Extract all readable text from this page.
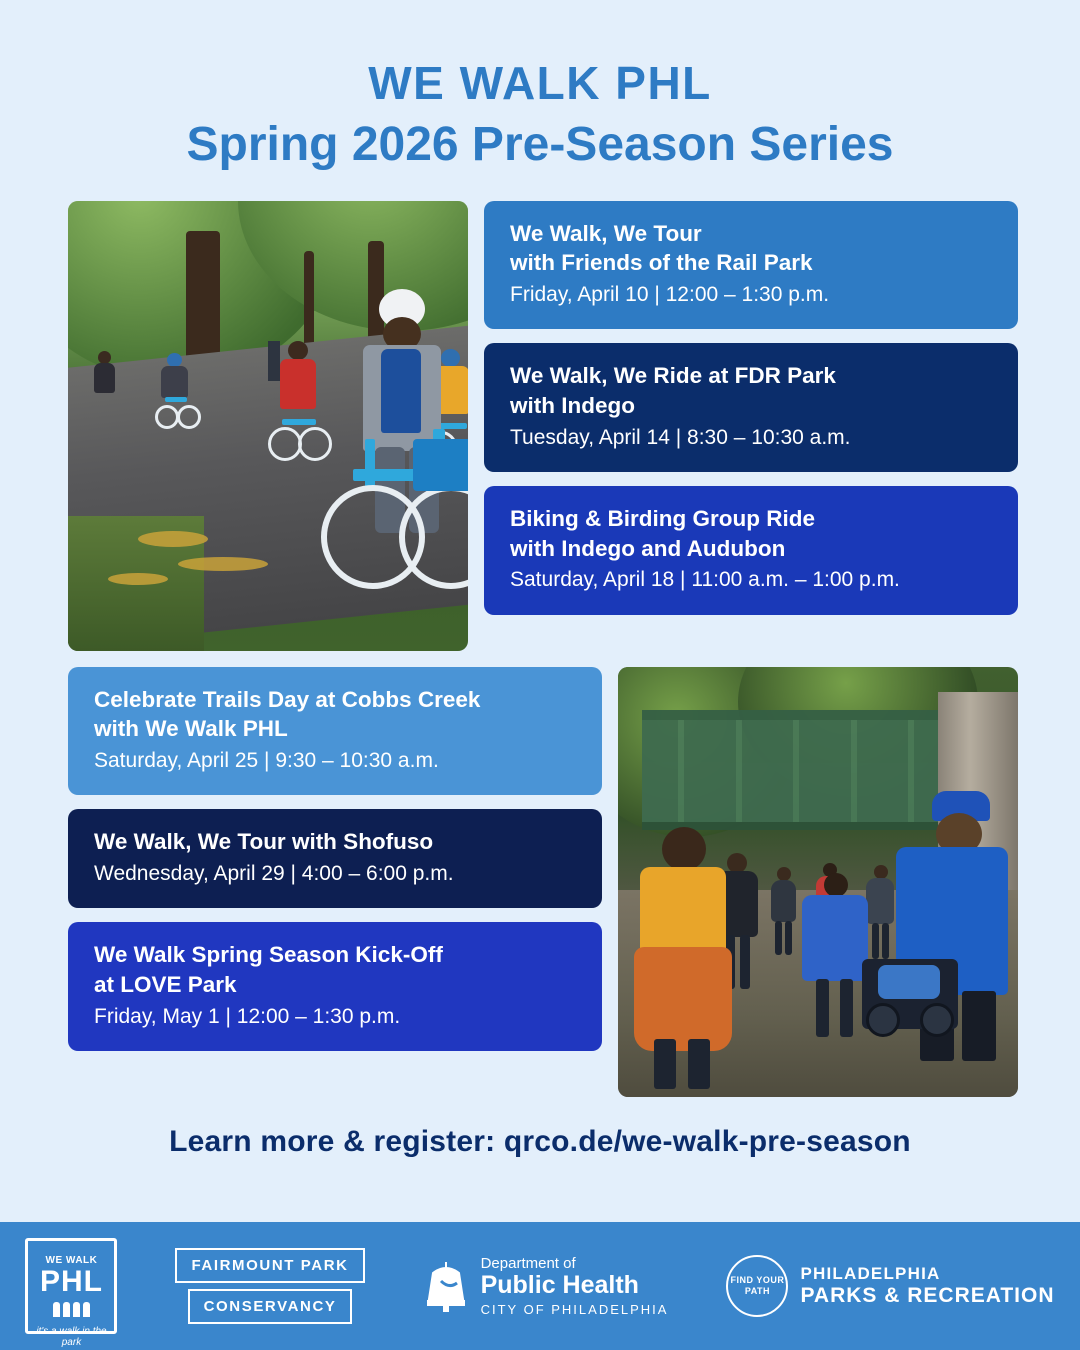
WE WALK PHL
Spring 2026 Pre-Season Series
We Walk, We Tour
with Friends of the Rail Park
Friday, April 10 | 12:00 – 1:30 p.m.
We Walk, We Ride at FDR Park
with Indego
Tuesday, April 14 | 8:30 – 10:30 a.m.
Biking & Birding Group Ride
with Indego and Audubon
Saturday, April 18 | 11:00 a.m. – 1:00 p.m.
Celebrate Trails Day at Cobbs Creek
with We Walk PHL
Saturday, April 25 | 9:30 – 10:30 a.m.
We Walk, We Tour with Shofuso
Wednesday, April 29 | 4:00 – 6:00 p.m.
We Walk Spring Season Kick-Off
at LOVE Park
Friday, May 1 | 12:00 – 1:30 p.m.
Learn more & register: qrco.de/we-walk-pre-season
WE WALK
PHL
it's a walk in the park
FAIRMOUNT PARK
CONSERVANCY
Department of
Public Health
CITY OF PHILADELPHIA
FIND YOUR PATH
PHILADELPHIA
PARKS & RECREATION
